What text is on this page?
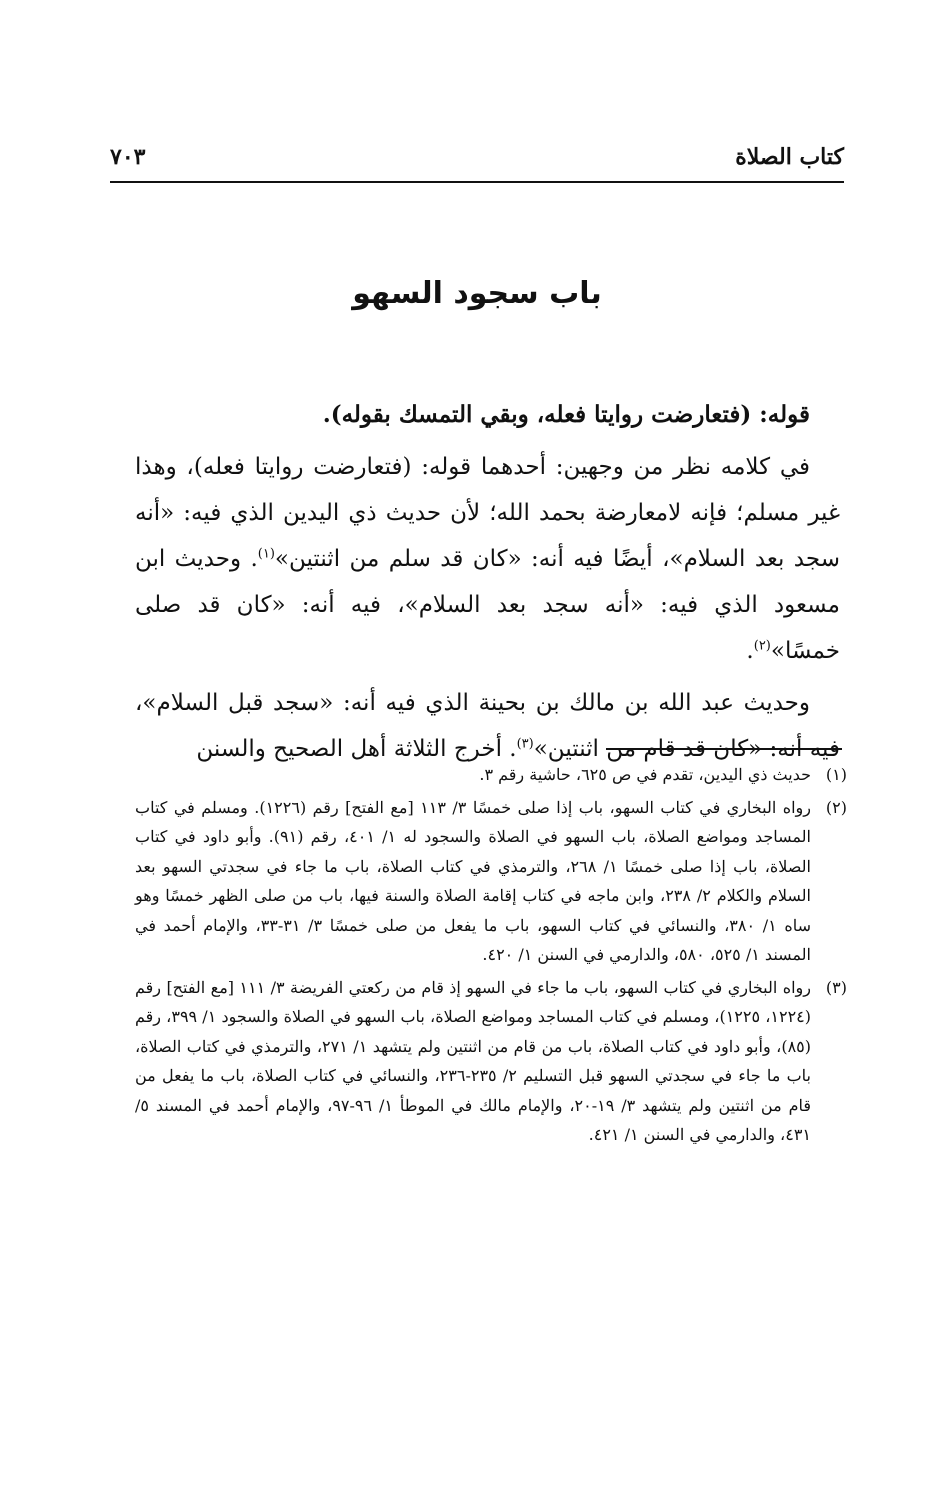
كتاب الصلاة
٧٠٣
باب سجود السهو

قوله: (فتعارضت روايتا فعله، وبقي التمسك بقوله).

في كلامه نظر من وجهين: أحدهما قوله: (فتعارضت روايتا فعله)، وهذا غير مسلم؛ فإنه لامعارضة بحمد الله؛ لأن حديث ذي اليدين الذي فيه: «أنه سجد بعد السلام»، أيضًا فيه أنه: «كان قد سلم من اثنتين»$^{(١)}$. وحديث ابن مسعود الذي فيه: «أنه سجد بعد السلام»، فيه أنه: «كان قد صلى خمسًا»$^{(٢)}$.

وحديث عبد الله بن مالك بن بحينة الذي فيه أنه: «سجد قبل السلام»، فيه أنه: «كان قد قام من اثنتين»$^{(٣)}$. أخرج الثلاثة أهل الصحيح والسنن

(١)
حديث ذي اليدين، تقدم في ص ٦٢٥، حاشية رقم ٣.
(٢)
رواه البخاري في كتاب السهو، باب إذا صلى خمسًا ٣/ ١١٣ [مع الفتح] رقم (١٢٢٦). ومسلم في كتاب المساجد ومواضع الصلاة، باب السهو في الصلاة والسجود له ١/ ٤٠١، رقم (٩١). وأبو داود في كتاب الصلاة، باب إذا صلى خمسًا ١/ ٢٦٨، والترمذي في كتاب الصلاة، باب ما جاء في سجدتي السهو بعد السلام والكلام ٢/ ٢٣٨، وابن ماجه في كتاب إقامة الصلاة والسنة فيها، باب من صلى الظهر خمسًا وهو ساه ١/ ٣٨٠، والنسائي في كتاب السهو، باب ما يفعل من صلى خمسًا ٣/ ٣١-٣٣، والإمام أحمد في المسند ١/ ٥٢٥، ٥٨٠، والدارمي في السنن ١/ ٤٢٠.
(٣)
رواه البخاري في كتاب السهو، باب ما جاء في السهو إذ قام من ركعتي الفريضة ٣/ ١١١ [مع الفتح] رقم (١٢٢٤، ١٢٢٥)، ومسلم في كتاب المساجد ومواضع الصلاة، باب السهو في الصلاة والسجود ١/ ٣٩٩، رقم (٨٥)، وأبو داود في كتاب الصلاة، باب من قام من اثنتين ولم يتشهد ١/ ٢٧١، والترمذي في كتاب الصلاة، باب ما جاء في سجدتي السهو قبل التسليم ٢/ ٢٣٥-٢٣٦، والنسائي في كتاب الصلاة، باب ما يفعل من قام من اثنتين ولم يتشهد ٣/ ١٩-٢٠، والإمام مالك في الموطأ ١/ ٩٦-٩٧، والإمام أحمد في المسند ٥/ ٤٣١، والدارمي في السنن ١/ ٤٢١.
